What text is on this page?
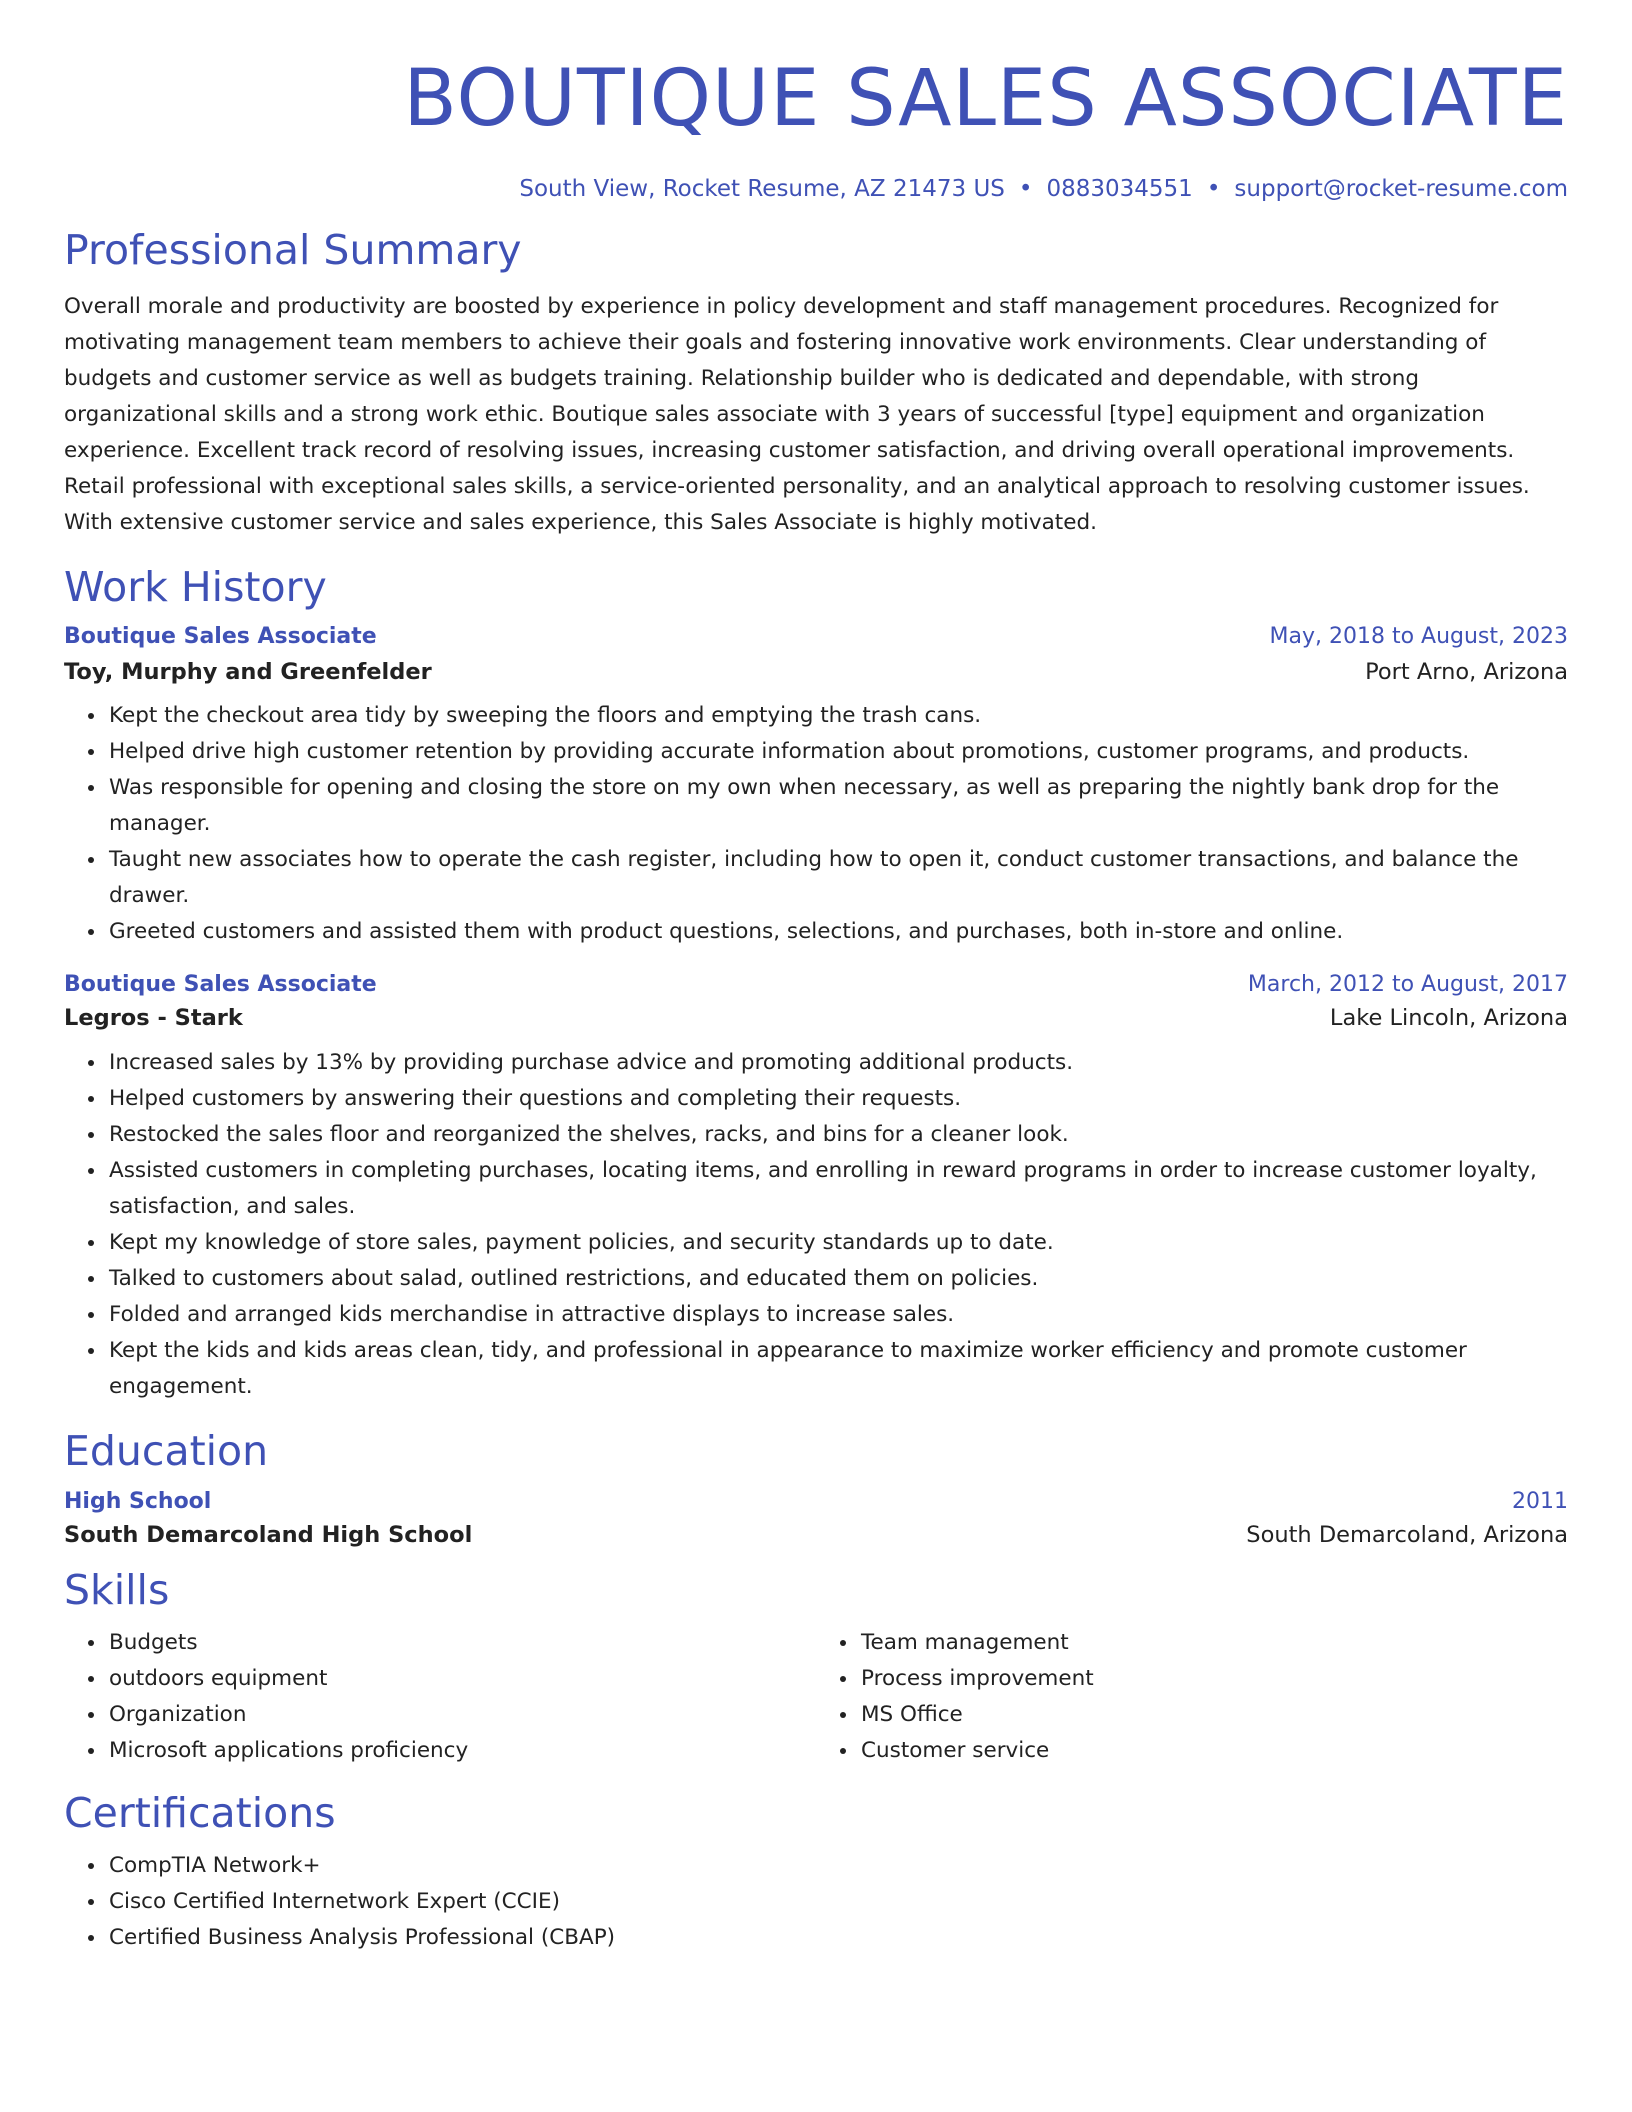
BOUTIQUE SALES ASSOCIATE
South View, Rocket Resume, AZ 21473 US • 0883034551 • support@rocket-resume.com
Professional Summary

Overall morale and productivity are boosted by experience in policy development and staff management procedures. Recognized for motivating management team members to achieve their goals and fostering innovative work environments. Clear understanding of budgets and customer service as well as budgets training. Relationship builder who is dedicated and dependable, with strong organizational skills and a strong work ethic. Boutique sales associate with 3 years of successful [type] equipment and organization experience. Excellent track record of resolving issues, increasing customer satisfaction, and driving overall operational improvements. Retail professional with exceptional sales skills, a service-oriented personality, and an analytical approach to resolving customer issues. With extensive customer service and sales experience, this Sales Associate is highly motivated.

Work History
Boutique Sales Associate	May, 2018 to August, 2023
Toy, Murphy and Greenfelder	Port Arno, Arizona
• Kept the checkout area tidy by sweeping the floors and emptying the trash cans.
• Helped drive high customer retention by providing accurate information about promotions, customer programs, and products.
• Was responsible for opening and closing the store on my own when necessary, as well as preparing the nightly bank drop for the manager.
• Taught new associates how to operate the cash register, including how to open it, conduct customer transactions, and balance the drawer.
• Greeted customers and assisted them with product questions, selections, and purchases, both in-store and online.
Boutique Sales Associate	March, 2012 to August, 2017
Legros - Stark	Lake Lincoln, Arizona
• Increased sales by 13% by providing purchase advice and promoting additional products.
• Helped customers by answering their questions and completing their requests.
• Restocked the sales floor and reorganized the shelves, racks, and bins for a cleaner look.
• Assisted customers in completing purchases, locating items, and enrolling in reward programs in order to increase customer loyalty, satisfaction, and sales.
• Kept my knowledge of store sales, payment policies, and security standards up to date.
• Talked to customers about salad, outlined restrictions, and educated them on policies.
• Folded and arranged kids merchandise in attractive displays to increase sales.
• Kept the kids and kids areas clean, tidy, and professional in appearance to maximize worker efficiency and promote customer engagement.
Education
High School	2011
South Demarcoland High School	South Demarcoland, Arizona
Skills
• Budgets
• outdoors equipment
• Organization
• Microsoft applications proficiency
• Team management
• Process improvement
• MS Office
• Customer service
Certifications
• CompTIA Network+
• Cisco Certified Internetwork Expert (CCIE)
• Certified Business Analysis Professional (CBAP)
